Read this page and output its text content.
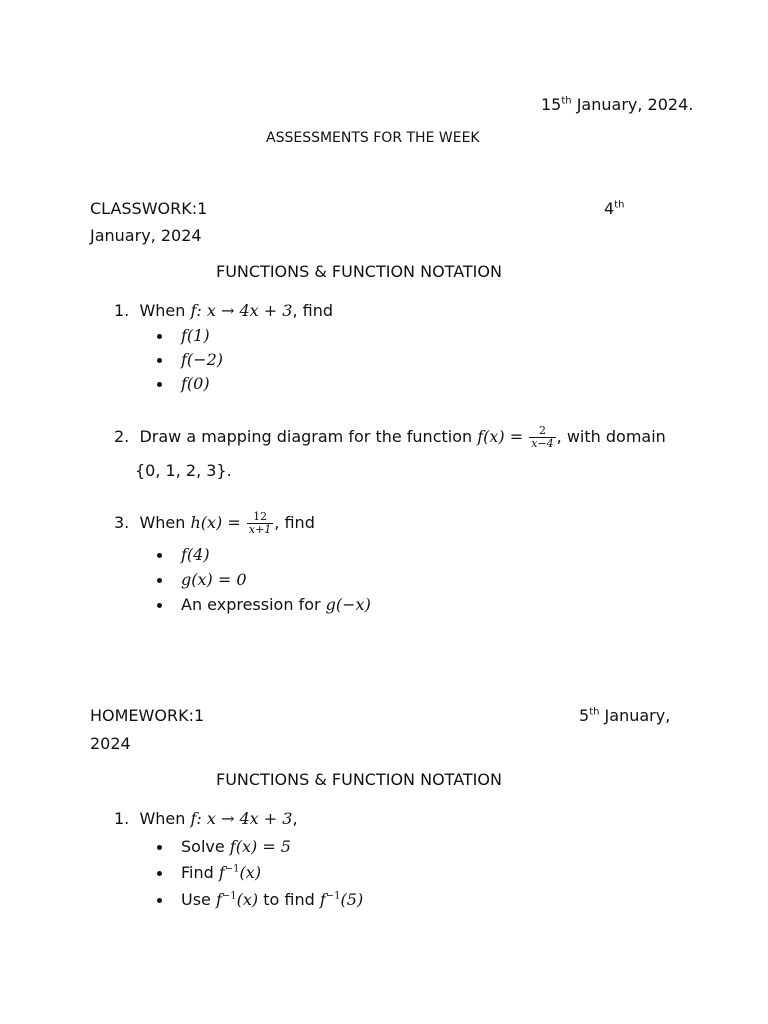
15th January, 2024.
ASSESSMENTS FOR THE WEEK
CLASSWORK:1	4th
January, 2024
FUNCTIONS & FUNCTION NOTATION
1. When f: x → 4x + 3, find
f(1)
f(−2)
f(0)
2. Draw a mapping diagram for the function $f(x) = \frac{2}{x-4}$ , with domain
{0, 1, 2, 3}.
3. When $h(x) = \frac{12}{x+1}$ , find
f(4)
g(x) = 0
An expression for g(−x)
HOMEWORK:1	5th January,
2024
FUNCTIONS & FUNCTION NOTATION
1. When f: x → 4x + 3,
Solve f(x) = 5
Find $f^{-1}(x)$
Use $f^{-1}(x)$ to find $f^{-1}(5)$
